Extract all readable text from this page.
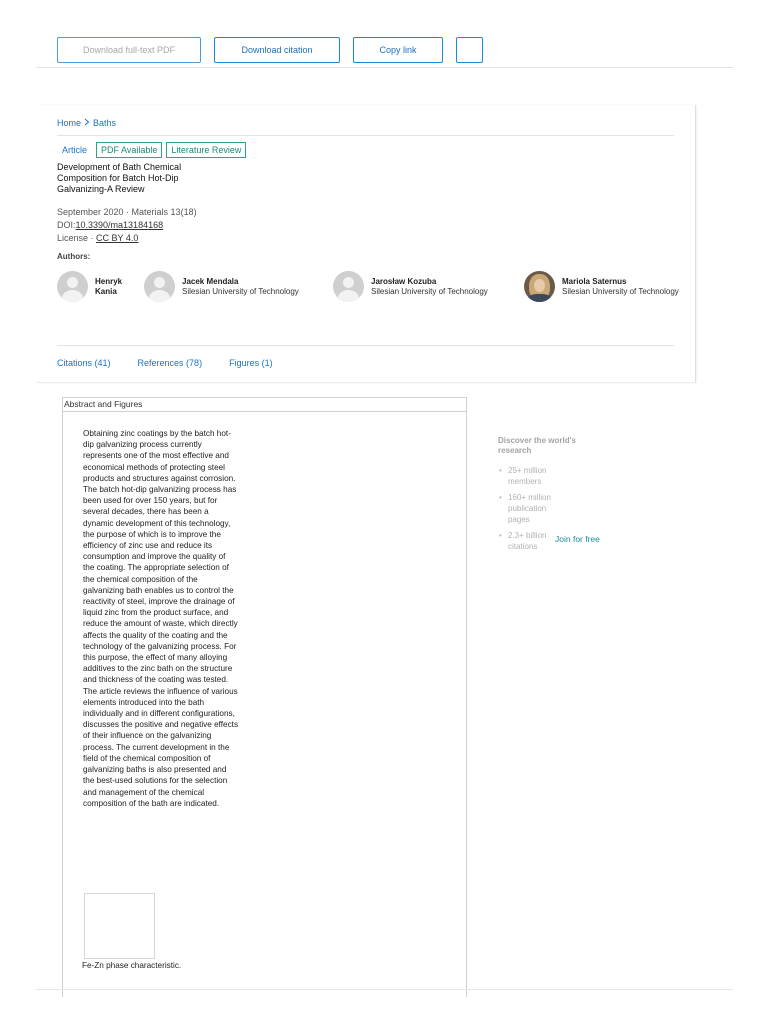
Download full-text PDF	Download citation	Copy link
Home Baths
Article	PDF Available	Literature Review
Development of Bath Chemical Composition for Batch Hot-Dip Galvanizing-A Review
September 2020 · Materials 13(18)
DOI:10.3390/ma13184168
License · CC BY 4.0
Authors:
Henryk Kania
Jacek Mendala
Silesian University of Technology
Jarosław Kozuba
Silesian University of Technology
Mariola Saternus
Silesian University of Technology
Citations (41)	References (78)	Figures (1)
Abstract and Figures

Obtaining zinc coatings by the batch hot-dip galvanizing process currently represents one of the most effective and economical methods of protecting steel products and structures against corrosion. The batch hot-dip galvanizing process has been used for over 150 years, but for several decades, there has been a dynamic development of this technology, the purpose of which is to improve the efficiency of zinc use and reduce its consumption and improve the quality of the coating. The appropriate selection of the chemical composition of the galvanizing bath enables us to control the reactivity of steel, improve the drainage of liquid zinc from the product surface, and reduce the amount of waste, which directly affects the quality of the coating and the technology of the galvanizing process. For this purpose, the effect of many alloying additives to the zinc bath on the structure and thickness of the coating was tested. The article reviews the influence of various elements introduced into the bath individually and in different configurations, discusses the positive and negative effects of their influence on the galvanizing process. The current development in the field of the chemical composition of galvanizing baths is also presented and the best-used solutions for the selection and management of the chemical composition of the bath are indicated.

Fe-Zn phase characteristic.
Discover the world's research
• 25+ million members
• 160+ million publication pages
• 2.3+ billion citations
Join for free
